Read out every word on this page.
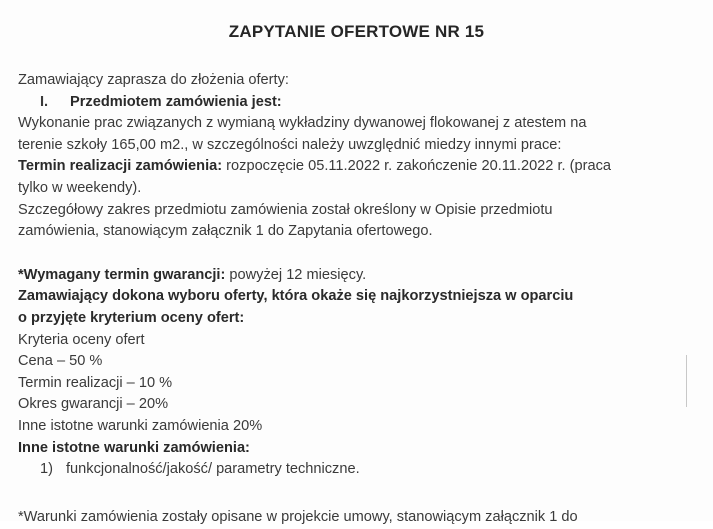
ZAPYTANIE OFERTOWE NR 15

Zamawiający zaprasza do złożenia oferty:

I. Przedmiotem zamówienia jest:

Wykonanie prac związanych z wymianą wykładziny dywanowej flokowanej z atestem na

terenie szkoły 165,00 m2., w szczególności należy uwzględnić miedzy innymi prace:

Termin realizacji zamówienia: rozpoczęcie 05.11.2022 r. zakończenie 20.11.2022 r. (praca

tylko w weekendy).

Szczegółowy zakres przedmiotu zamówienia został określony w Opisie przedmiotu

zamówienia, stanowiącym załącznik 1 do Zapytania ofertowego.

*Wymagany termin gwarancji: powyżej 12 miesięcy.

Zamawiający dokona wyboru oferty, która okaże się najkorzystniejsza w oparciu

o przyjęte kryterium oceny ofert:

Kryteria oceny ofert

Cena – 50 %

Termin realizacji – 10 %

Okres gwarancji – 20%

Inne istotne warunki zamówienia 20%

Inne istotne warunki zamówienia:

1) funkcjonalność/jakość/ parametry techniczne.

*Warunki zamówienia zostały opisane w projekcie umowy, stanowiącym załącznik 1 do
